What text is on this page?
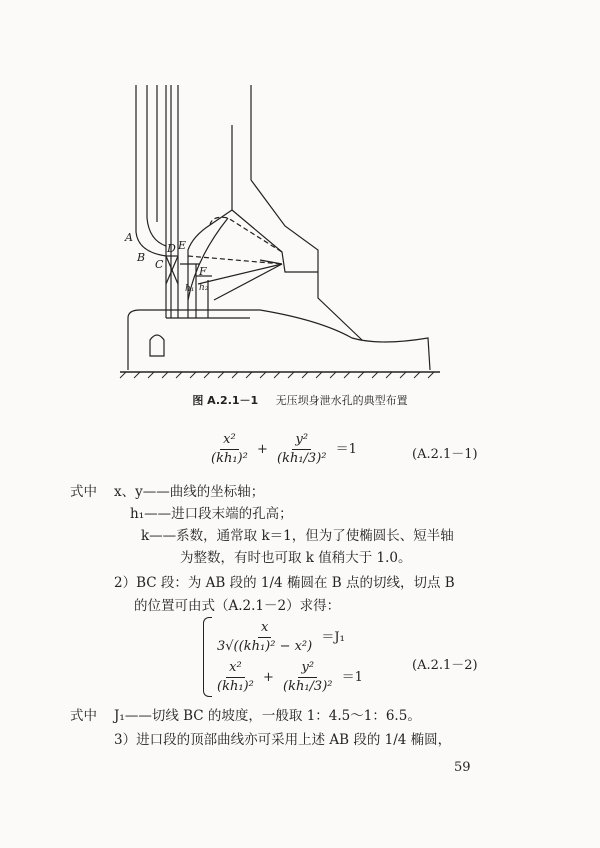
A
B
C
D E
F
h₁ h₂
图 A.2.1－1 无压坝身泄水孔的典型布置
$\frac{\text{x²}}{\text{(kh₁)²}} + \frac{\text{y²}}{\text{(kh₁/3)²}} =1$	(A.2.1－1)
式中 x、y——曲线的坐标轴；
h₁——进口段末端的孔高；
k——系数，通常取 k＝1，但为了使椭圆长、短半轴
为整数，有时也可取 k 值稍大于 1.0。
2）BC 段：为 AB 段的 1/4 椭圆在 B 点的切线，切点 B
的位置可由式（A.2.1－2）求得：
$\frac{x}{\text{3√((kh₁)² − x²)}} =J_1$
$\frac{\text{x²}}{\text{(kh₁)²}} + \frac{\text{y²}}{\text{(kh₁/3)²}} =1$
(A.2.1－2)
式中 J₁——切线 BC 的坡度，一般取 1：4.5～1：6.5。
3）进口段的顶部曲线亦可采用上述 AB 段的 1/4 椭圆，
59
